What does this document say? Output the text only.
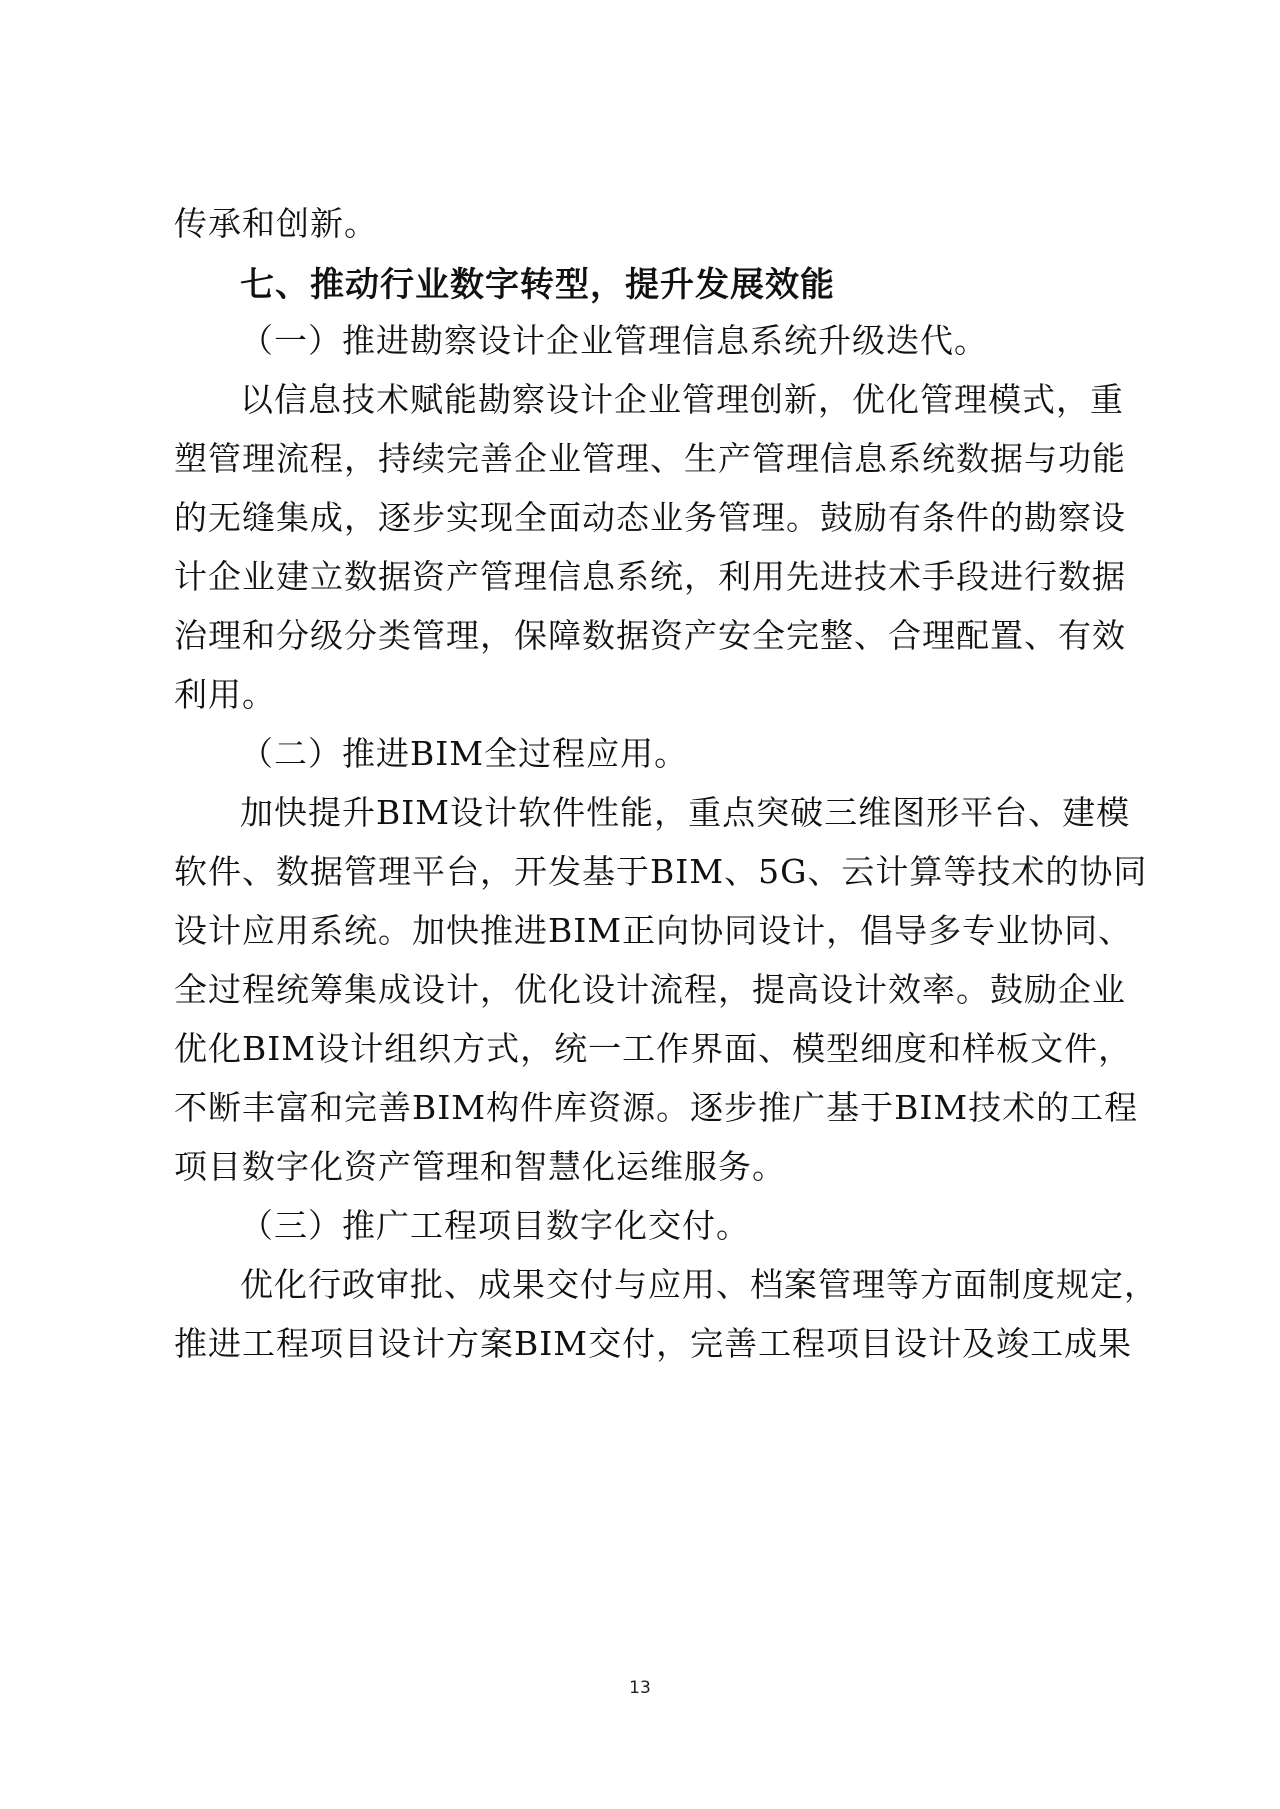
传承和创新。
七、推动行业数字转型，提升发展效能
（一）推进勘察设计企业管理信息系统升级迭代。
以信息技术赋能勘察设计企业管理创新，优化管理模式，重
塑管理流程，持续完善企业管理、生产管理信息系统数据与功能
的无缝集成，逐步实现全面动态业务管理。鼓励有条件的勘察设
计企业建立数据资产管理信息系统，利用先进技术手段进行数据
治理和分级分类管理，保障数据资产安全完整、合理配置、有效
利用。
（二）推进BIM全过程应用。
加快提升BIM设计软件性能，重点突破三维图形平台、建模
软件、数据管理平台，开发基于BIM、5G、云计算等技术的协同
设计应用系统。加快推进BIM正向协同设计，倡导多专业协同、
全过程统筹集成设计，优化设计流程，提高设计效率。鼓励企业
优化BIM设计组织方式，统一工作界面、模型细度和样板文件，
不断丰富和完善BIM构件库资源。逐步推广基于BIM技术的工程
项目数字化资产管理和智慧化运维服务。
（三）推广工程项目数字化交付。
优化行政审批、成果交付与应用、档案管理等方面制度规定，
推进工程项目设计方案BIM交付，完善工程项目设计及竣工成果
13
